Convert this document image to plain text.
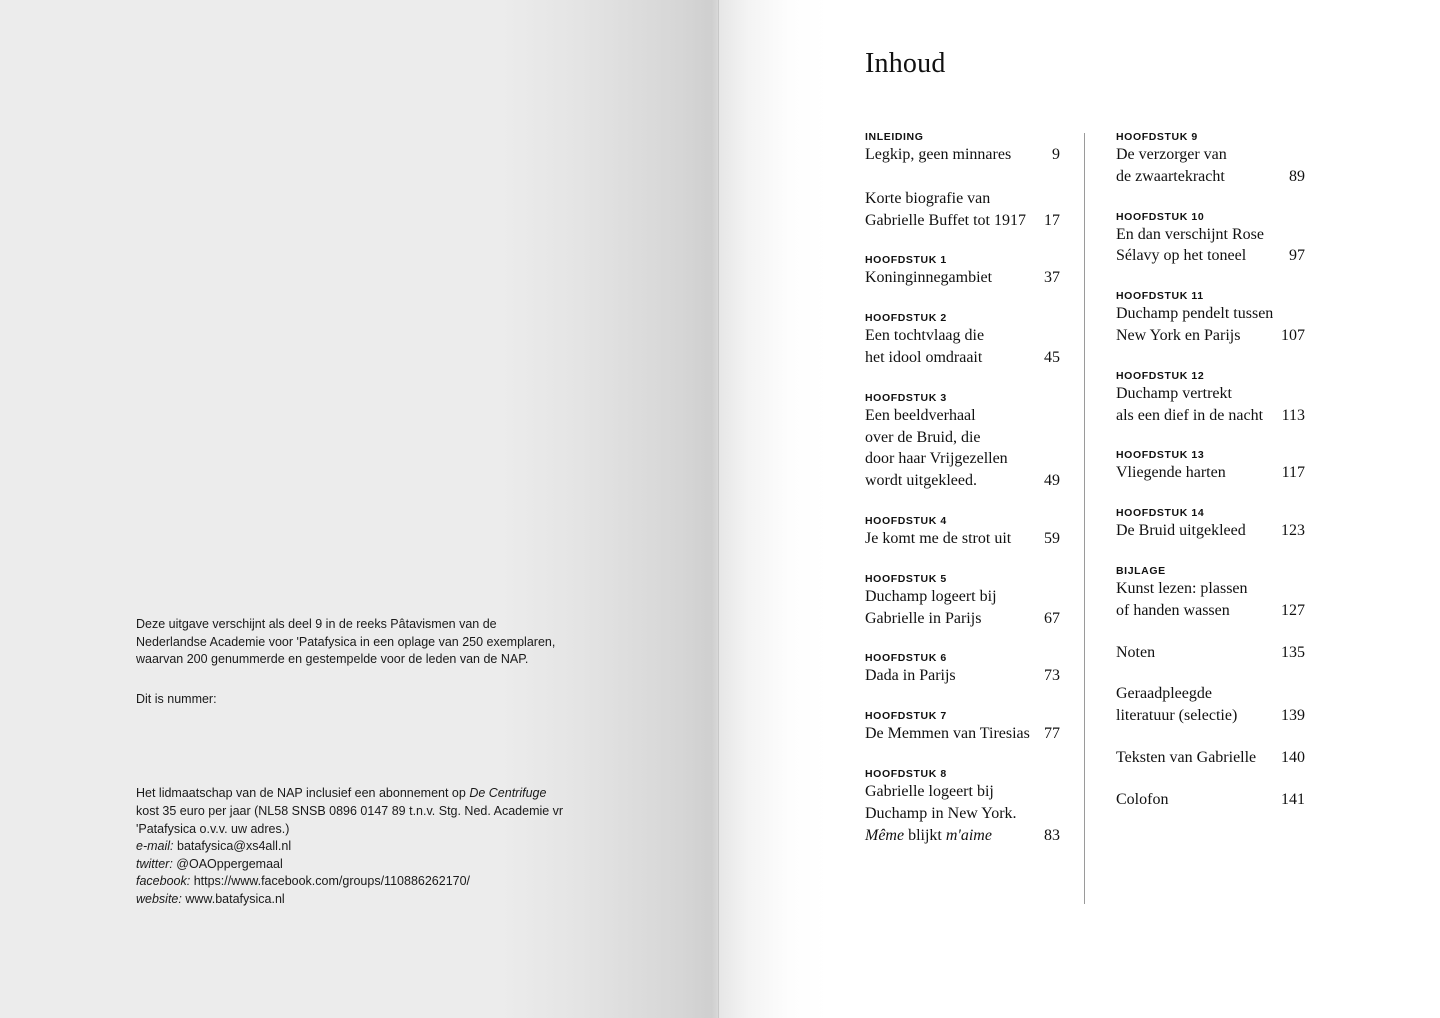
Deze uitgave verschijnt als deel 9 in de reeks Pâtavismen van de

Nederlandse Academie voor 'Patafysica in een oplage van 250 exemplaren,

waarvan 200 genummerde en gestempelde voor de leden van de NAP.

Dit is nummer:

Het lidmaatschap van de NAP inclusief een abonnement op De Centrifuge

kost 35 euro per jaar (NL58 SNSB 0896 0147 89 t.n.v. Stg. Ned. Academie vr

'Patafysica o.v.v. uw adres.)

e-mail: batafysica@xs4all.nl

twitter: @OAOppergemaal

facebook: https://www.facebook.com/groups/110886262170/

website: www.batafysica.nl

Inhoud
INLEIDING
Legkip, geen minnares	9
Korte biografie van
Gabrielle Buffet tot 1917	17
HOOFDSTUK 1
Koninginnegambiet	37
HOOFDSTUK 2
Een tochtvlaag die
het idool omdraait	45
HOOFDSTUK 3
Een beeldverhaal
over de Bruid, die
door haar Vrijgezellen
wordt uitgekleed.	49
HOOFDSTUK 4
Je komt me de strot uit	59
HOOFDSTUK 5
Duchamp logeert bij
Gabrielle in Parijs	67
HOOFDSTUK 6
Dada in Parijs	73
HOOFDSTUK 7
De Memmen van Tiresias 77
HOOFDSTUK 8
Gabrielle logeert bij
Duchamp in New York.
Même blijkt m'aime	83
HOOFDSTUK 9
De verzorger van
de zwaartekracht	89
HOOFDSTUK 10
En dan verschijnt Rose
Sélavy op het toneel	97
HOOFDSTUK 11
Duchamp pendelt tussen
New York en Parijs	107
HOOFDSTUK 12
Duchamp vertrekt
als een dief in de nacht	113
HOOFDSTUK 13
Vliegende harten	117
HOOFDSTUK 14
De Bruid uitgekleed	123
BIJLAGE
Kunst lezen: plassen
of handen wassen	127
Noten	135
Geraadpleegde
literatuur (selectie)	139
Teksten van Gabrielle	140
Colofon	141
